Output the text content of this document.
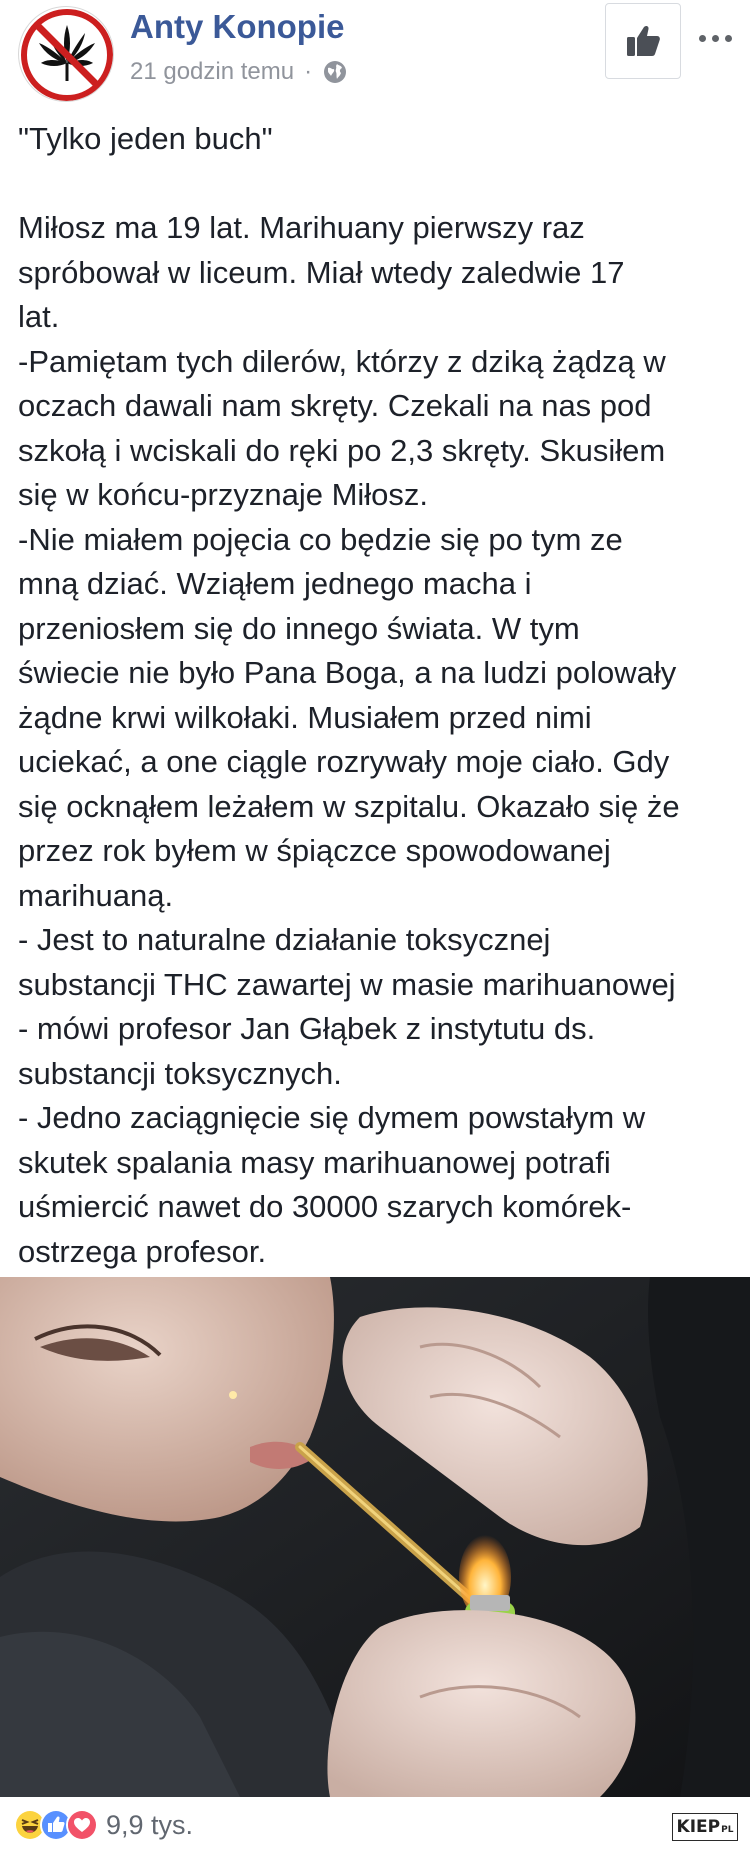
Anty Konopie
21 godzin temu ·

"Tylko jeden buch"

Miłosz ma 19 lat. Marihuany pierwszy raz
spróbował w liceum. Miał wtedy zaledwie 17
lat.

-Pamiętam tych dilerów, którzy z dziką żądzą w
oczach dawali nam skręty. Czekali na nas pod
szkołą i wciskali do ręki po 2,3 skręty. Skusiłem
się w końcu-przyznaje Miłosz.

-Nie miałem pojęcia co będzie się po tym ze
mną dziać. Wziąłem jednego macha i
przeniosłem się do innego świata. W tym
świecie nie było Pana Boga, a na ludzi polowały
żądne krwi wilkołaki. Musiałem przed nimi
uciekać, a one ciągle rozrywały moje ciało. Gdy
się ocknąłem leżałem w szpitalu. Okazało się że
przez rok byłem w śpiączce spowodowanej
marihuaną.

- Jest to naturalne działanie toksycznej
substancji THC zawartej w masie marihuanowej
- mówi profesor Jan Głąbek z instytutu ds.
substancji toksycznych.

- Jedno zaciągnięcie się dymem powstałym w
skutek spalania masy marihuanowej potrafi
uśmiercić nawet do 30000 szarych komórek-
ostrzega profesor.

9,9 tys.	KIEP PL
